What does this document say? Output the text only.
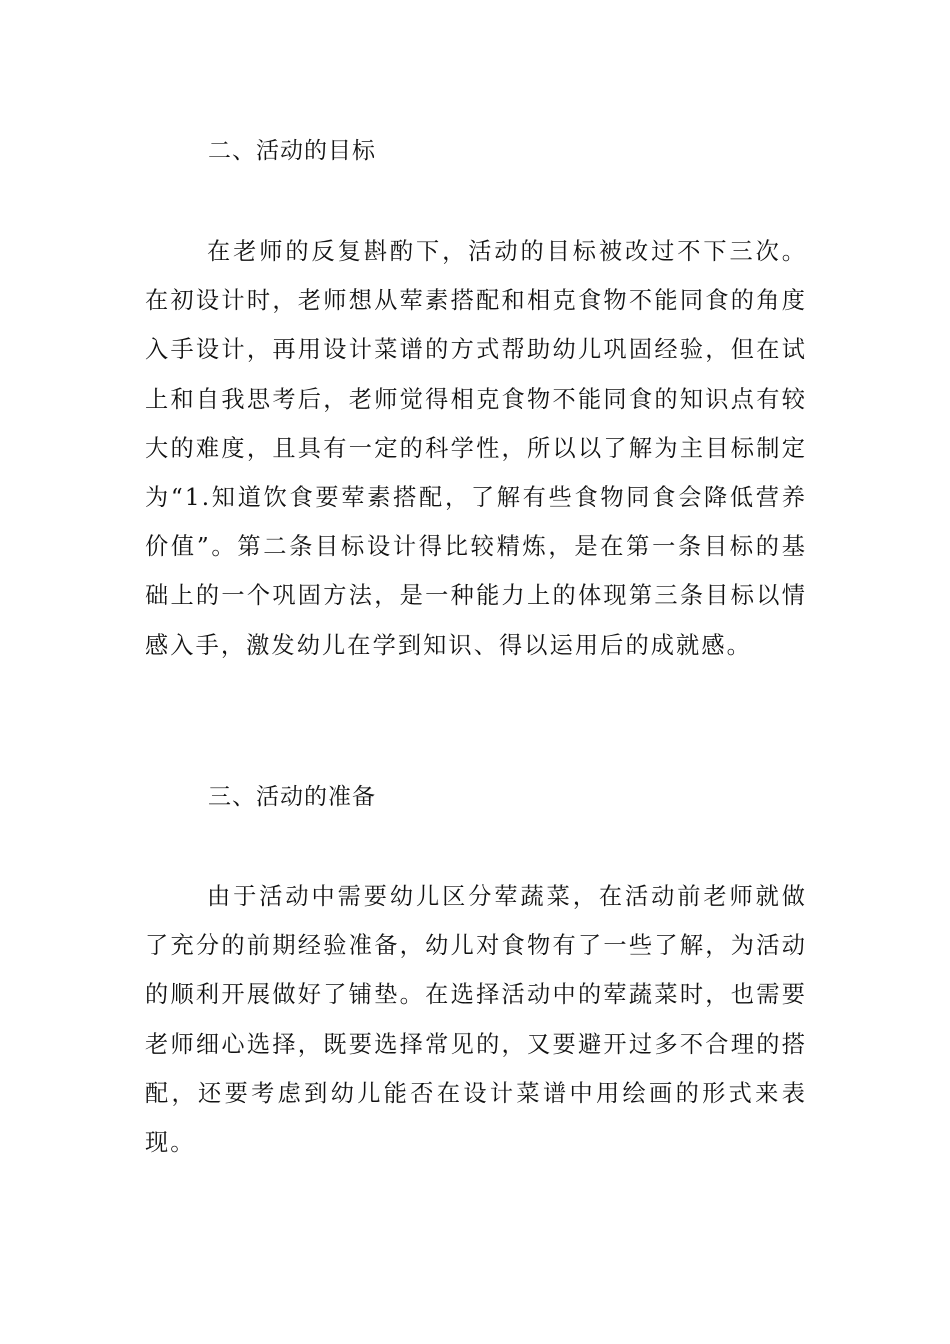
二、活动的目标

在老师的反复斟酌下，活动的目标被改过不下三次。在初设计时，老师想从荤素搭配和相克食物不能同食的角度入手设计，再用设计菜谱的方式帮助幼儿巩固经验，但在试上和自我思考后，老师觉得相克食物不能同食的知识点有较大的难度，且具有一定的科学性，所以以了解为主目标制定为“1.知道饮食要荤素搭配，了解有些食物同食会降低营养价值”。第二条目标设计得比较精炼，是在第一条目标的基础上的一个巩固方法，是一种能力上的体现第三条目标以情感入手，激发幼儿在学到知识、得以运用后的成就感。

三、活动的准备

由于活动中需要幼儿区分荤蔬菜，在活动前老师就做了充分的前期经验准备，幼儿对食物有了一些了解，为活动的顺利开展做好了铺垫。在选择活动中的荤蔬菜时，也需要老师细心选择，既要选择常见的，又要避开过多不合理的搭配，还要考虑到幼儿能否在设计菜谱中用绘画的形式来表现。
